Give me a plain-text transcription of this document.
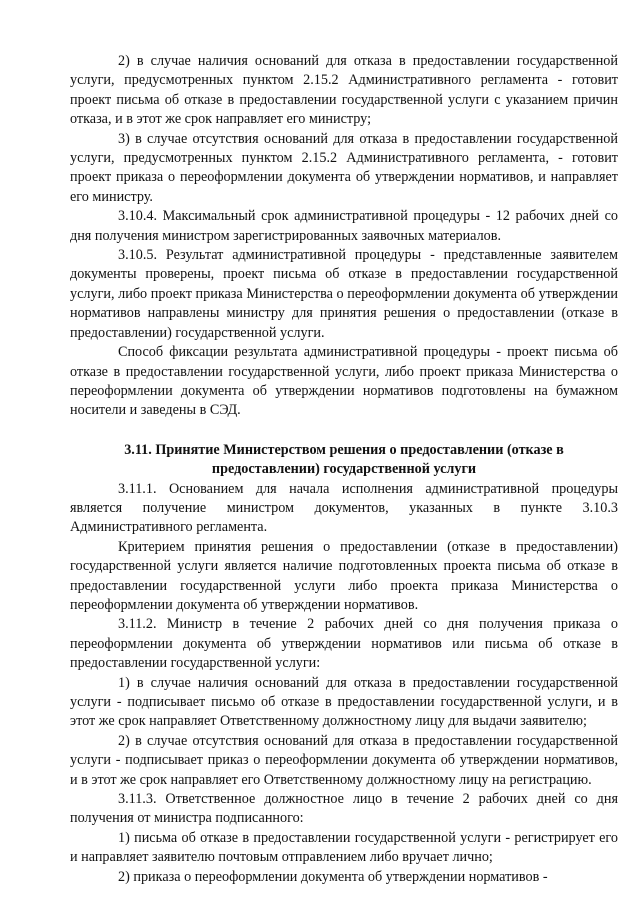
2) в случае наличия оснований для отказа в предоставлении государственной услуги, предусмотренных пунктом 2.15.2 Административного регламента - готовит проект письма об отказе в предоставлении государственной услуги с указанием причин отказа, и в этот же срок направляет его министру;

3) в случае отсутствия оснований для отказа в предоставлении государственной услуги, предусмотренных пунктом 2.15.2 Административного регламента, - готовит проект приказа о переоформлении документа об утверждении нормативов, и направляет его министру.

3.10.4. Максимальный срок административной процедуры - 12 рабочих дней со дня получения министром зарегистрированных заявочных материалов.

3.10.5. Результат административной процедуры - представленные заявителем документы проверены, проект письма об отказе в предоставлении государственной услуги, либо проект приказа Министерства о переоформлении документа об утверждении нормативов направлены министру для принятия решения о предоставлении (отказе в предоставлении) государственной услуги.

Способ фиксации результата административной процедуры - проект письма об отказе в предоставлении государственной услуги, либо проект приказа Министерства о переоформлении документа об утверждении нормативов подготовлены на бумажном носители и заведены в СЭД.

3.11. Принятие Министерством решения о предоставлении (отказе в предоставлении) государственной услуги

3.11.1. Основанием для начала исполнения административной процедуры является получение министром документов, указанных в пункте 3.10.3 Административного регламента.

Критерием принятия решения о предоставлении (отказе в предоставлении) государственной услуги является наличие подготовленных проекта письма об отказе в предоставлении государственной услуги либо проекта приказа Министерства о переоформлении документа об утверждении нормативов.

3.11.2. Министр в течение 2 рабочих дней со дня получения приказа о переоформлении документа об утверждении нормативов или письма об отказе в предоставлении государственной услуги:

1) в случае наличия оснований для отказа в предоставлении государственной услуги - подписывает письмо об отказе в предоставлении государственной услуги, и в этот же срок направляет Ответственному должностному лицу для выдачи заявителю;

2) в случае отсутствия оснований для отказа в предоставлении государственной услуги - подписывает приказ о переоформлении документа об утверждении нормативов, и в этот же срок направляет его Ответственному должностному лицу на регистрацию.

3.11.3. Ответственное должностное лицо в течение 2 рабочих дней со дня получения от министра подписанного:

1) письма об отказе в предоставлении государственной услуги - регистрирует его и направляет заявителю почтовым отправлением либо вручает лично;

2) приказа о переоформлении документа об утверждении нормативов -
